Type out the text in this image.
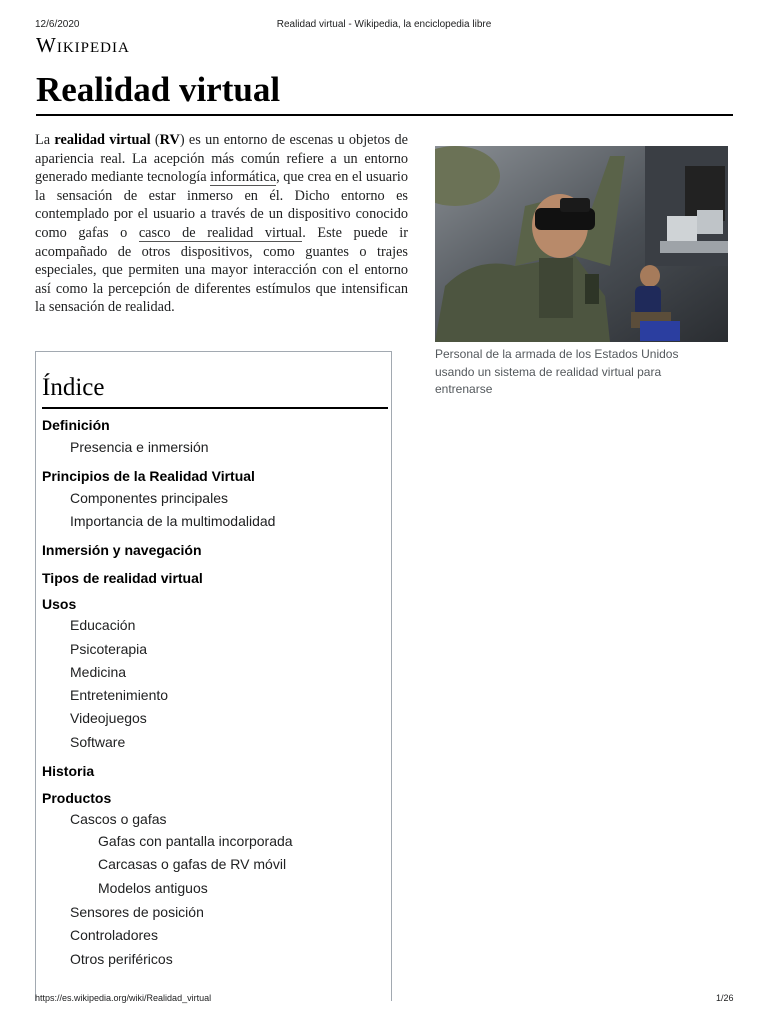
12/6/2020	Realidad virtual - Wikipedia, la enciclopedia libre
Wikipedia
Realidad virtual

La realidad virtual (RV) es un entorno de escenas u objetos de apariencia real. La acepción más común refiere a un entorno generado mediante tecnología informática, que crea en el usuario la sensación de estar inmerso en él. Dicho entorno es contemplado por el usuario a través de un dispositivo conocido como gafas o casco de realidad virtual. Este puede ir acompañado de otros dispositivos, como guantes o trajes especiales, que permiten una mayor interacción con el entorno así como la percepción de diferentes estímulos que intensifican la sensación de realidad.

Personal de la armada de los Estados Unidos usando un sistema de realidad virtual para entrenarse
Índice
Definición
Presencia e inmersión
Principios de la Realidad Virtual
Componentes principales
Importancia de la multimodalidad
Inmersión y navegación
Tipos de realidad virtual
Usos
Educación
Psicoterapia
Medicina
Entretenimiento
Videojuegos
Software
Historia
Productos
Cascos o gafas
Gafas con pantalla incorporada
Carcasas o gafas de RV móvil
Modelos antiguos
Sensores de posición
Controladores
Otros periféricos
https://es.wikipedia.org/wiki/Realidad_virtual	1/26
